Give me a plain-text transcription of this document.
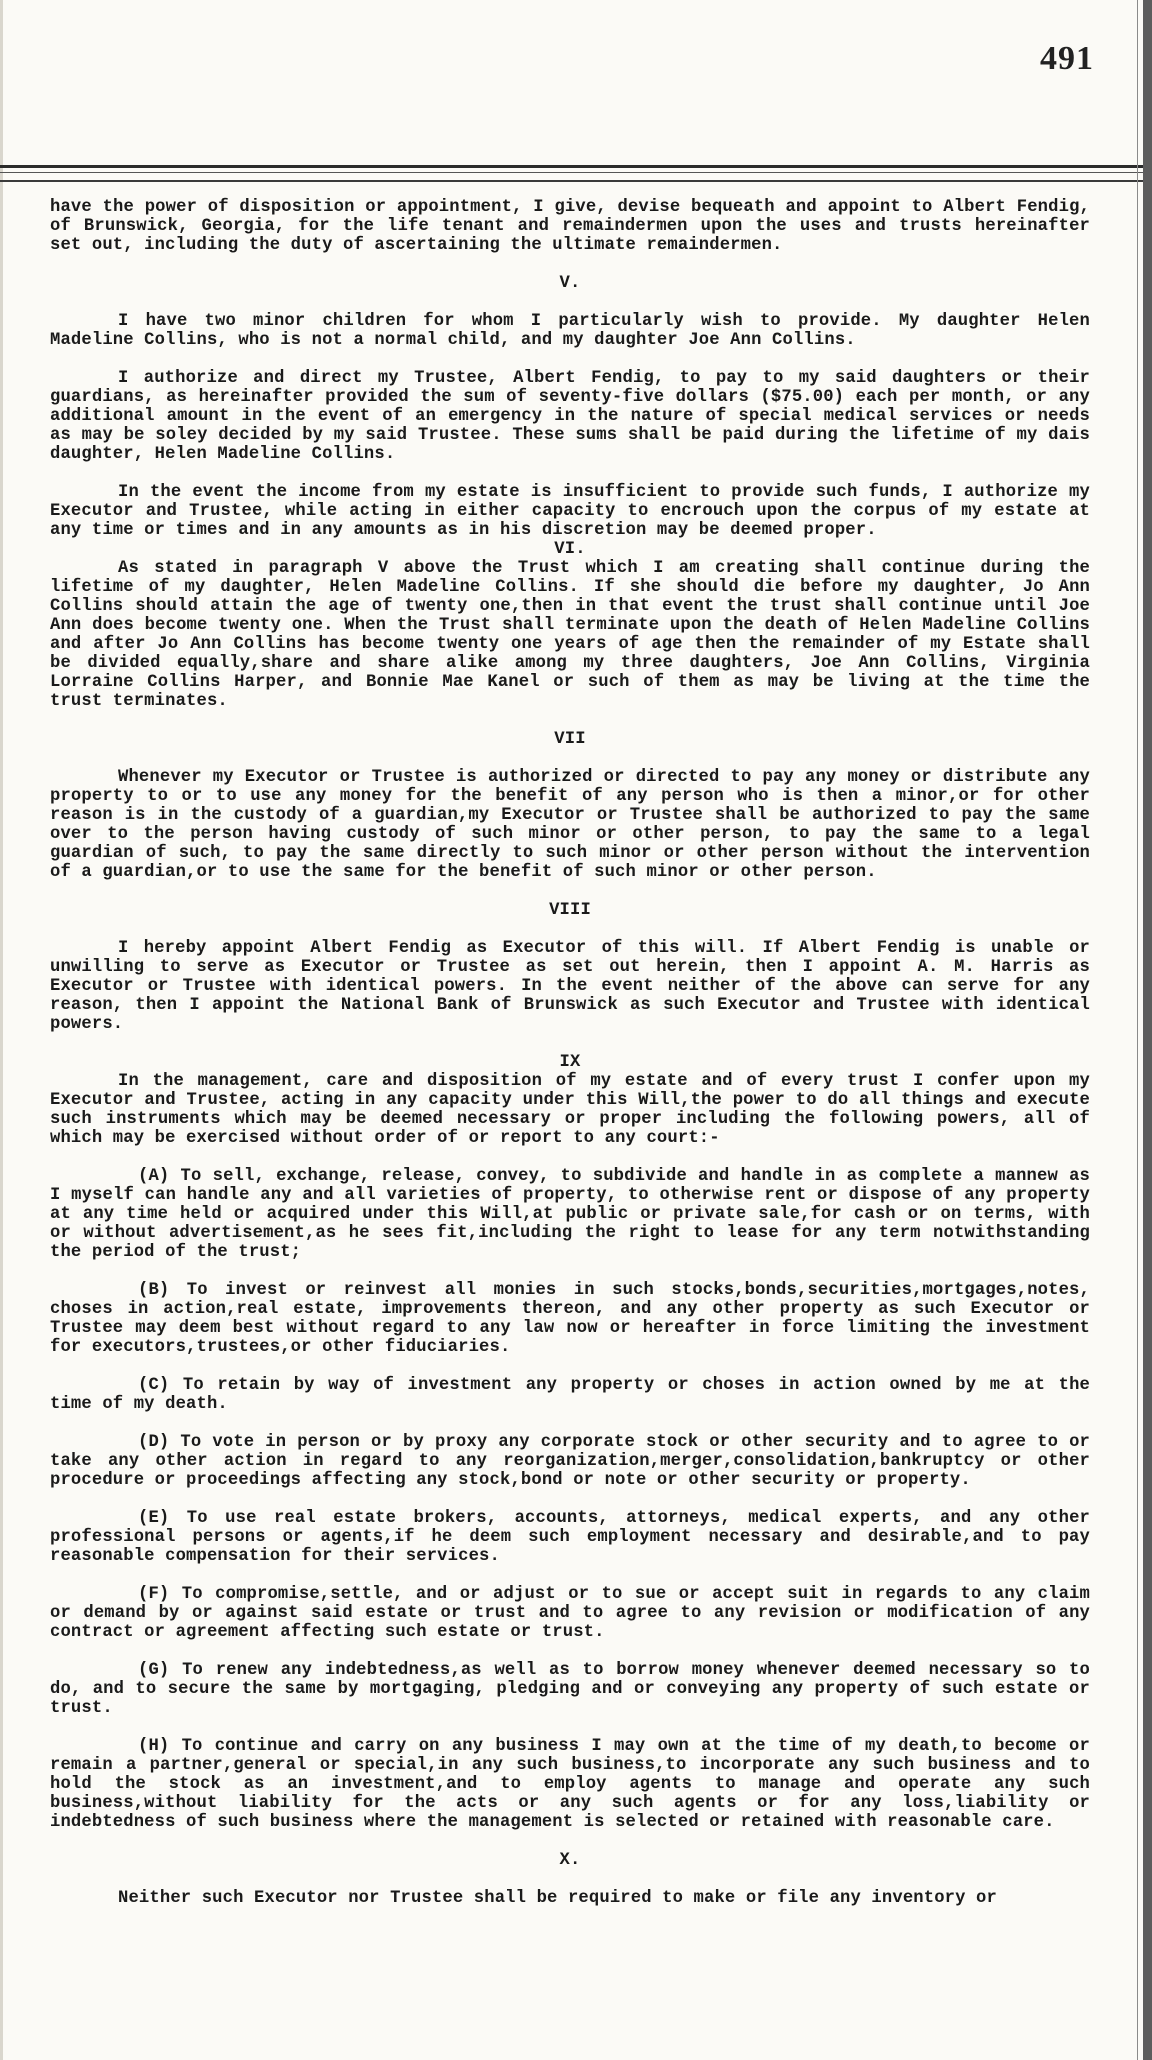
491

have the power of disposition or appointment, I give, devise bequeath and appoint to Albert Fendig, of Brunswick, Georgia, for the life tenant and remaindermen upon the uses and trusts hereinafter set out, including the duty of ascertaining the ultimate remaindermen.

V.

I have two minor children for whom I particularly wish to provide. My daughter Helen Madeline Collins, who is not a normal child, and my daughter Joe Ann Collins.

I authorize and direct my Trustee, Albert Fendig, to pay to my said daughters or their guardians, as hereinafter provided the sum of seventy-five dollars ($75.00) each per month, or any additional amount in the event of an emergency in the nature of special medical services or needs as may be soley decided by my said Trustee. These sums shall be paid during the lifetime of my dais daughter, Helen Madeline Collins.

In the event the income from my estate is insufficient to provide such funds, I authorize my Executor and Trustee, while acting in either capacity to encrouch upon the corpus of my estate at any time or times and in any amounts as in his discretion may be deemed proper.

VI.

As stated in paragraph V above the Trust which I am creating shall continue during the lifetime of my daughter, Helen Madeline Collins. If she should die before my daughter, Jo Ann Collins should attain the age of twenty one,then in that event the trust shall continue until Joe Ann does become twenty one. When the Trust shall terminate upon the death of Helen Madeline Collins and after Jo Ann Collins has become twenty one years of age then the remainder of my Estate shall be divided equally,share and share alike among my three daughters, Joe Ann Collins, Virginia Lorraine Collins Harper, and Bonnie Mae Kanel or such of them as may be living at the time the trust terminates.

VII

Whenever my Executor or Trustee is authorized or directed to pay any money or distribute any property to or to use any money for the benefit of any person who is then a minor,or for other reason is in the custody of a guardian,my Executor or Trustee shall be authorized to pay the same over to the person having custody of such minor or other person, to pay the same to a legal guardian of such, to pay the same directly to such minor or other person without the intervention of a guardian,or to use the same for the benefit of such minor or other person.

VIII

I hereby appoint Albert Fendig as Executor of this will. If Albert Fendig is unable or unwilling to serve as Executor or Trustee as set out herein, then I appoint A. M. Harris as Executor or Trustee with identical powers. In the event neither of the above can serve for any reason, then I appoint the National Bank of Brunswick as such Executor and Trustee with identical powers.

IX

In the management, care and disposition of my estate and of every trust I confer upon my Executor and Trustee, acting in any capacity under this Will,the power to do all things and execute such instruments which may be deemed necessary or proper including the following powers, all of which may be exercised without order of or report to any court:-

(A) To sell, exchange, release, convey, to subdivide and handle in as complete a mannew as I myself can handle any and all varieties of property, to otherwise rent or dispose of any property at any time held or acquired under this Will,at public or private sale,for cash or on terms, with or without advertisement,as he sees fit,including the right to lease for any term notwithstanding the period of the trust;

(B) To invest or reinvest all monies in such stocks,bonds,securities,mortgages,notes, choses in action,real estate, improvements thereon, and any other property as such Executor or Trustee may deem best without regard to any law now or hereafter in force limiting the investment for executors,trustees,or other fiduciaries.

(C) To retain by way of investment any property or choses in action owned by me at the time of my death.

(D) To vote in person or by proxy any corporate stock or other security and to agree to or take any other action in regard to any reorganization,merger,consolidation,bankruptcy or other procedure or proceedings affecting any stock,bond or note or other security or property.

(E) To use real estate brokers, accounts, attorneys, medical experts, and any other professional persons or agents,if he deem such employment necessary and desirable,and to pay reasonable compensation for their services.

(F) To compromise,settle, and or adjust or to sue or accept suit in regards to any claim or demand by or against said estate or trust and to agree to any revision or modification of any contract or agreement affecting such estate or trust.

(G) To renew any indebtedness,as well as to borrow money whenever deemed necessary so to do, and to secure the same by mortgaging, pledging and or conveying any property of such estate or trust.

(H) To continue and carry on any business I may own at the time of my death,to become or remain a partner,general or special,in any such business,to incorporate any such business and to hold the stock as an investment,and to employ agents to manage and operate any such business,without liability for the acts or any such agents or for any loss,liability or indebtedness of such business where the management is selected or retained with reasonable care.

X.

Neither such Executor nor Trustee shall be required to make or file any inventory or
